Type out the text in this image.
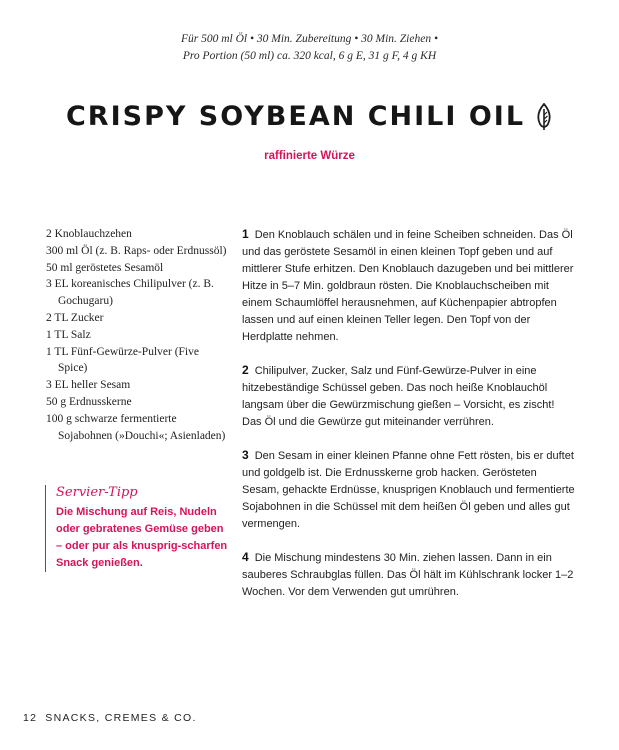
Für 500 ml Öl • 30 Min. Zubereitung • 30 Min. Ziehen •
Pro Portion (50 ml) ca. 320 kcal, 6 g E, 31 g F, 4 g KH
CRISPY SOYBEAN CHILI OIL
raffinierte Würze
2 Knoblauchzehen
300 ml Öl (z. B. Raps- oder Erdnussöl)
50 ml geröstetes Sesamöl
3 EL koreanisches Chilipulver (z. B. Gochugaru)
2 TL Zucker
1 TL Salz
1 TL Fünf-Gewürze-Pulver (Five Spice)
3 EL heller Sesam
50 g Erdnusskerne
100 g schwarze fermentierte Sojabohnen (»Douchi«; Asienladen)
Servier-Tipp
Die Mischung auf Reis, Nudeln oder gebratenes Gemüse geben – oder pur als knusprig-scharfen Snack genießen.

1 Den Knoblauch schälen und in feine Scheiben schneiden. Das Öl und das geröstete Sesamöl in einen kleinen Topf geben und auf mittlerer Stufe erhitzen. Den Knoblauch dazugeben und bei mittlerer Hitze in 5–7 Min. goldbraun rösten. Die Knoblauchscheiben mit einem Schaumlöffel herausnehmen, auf Küchenpapier abtropfen lassen und auf einen kleinen Teller legen. Den Topf von der Herdplatte nehmen.

2 Chilipulver, Zucker, Salz und Fünf-Gewürze-Pulver in eine hitzebeständige Schüssel geben. Das noch heiße Knoblauchöl langsam über die Gewürzmischung gießen – Vorsicht, es zischt! Das Öl und die Gewürze gut miteinander verrühren.

3 Den Sesam in einer kleinen Pfanne ohne Fett rösten, bis er duftet und goldgelb ist. Die Erdnusskerne grob hacken. Gerösteten Sesam, gehackte Erdnüsse, knusprigen Knoblauch und fermentierte Sojabohnen in die Schüssel mit dem heißen Öl geben und alles gut vermengen.

4 Die Mischung mindestens 30 Min. ziehen lassen. Dann in ein sauberes Schraubglas füllen. Das Öl hält im Kühlschrank locker 1–2 Wochen. Vor dem Verwenden gut umrühren.

12 SNACKS, CREMES & CO.
